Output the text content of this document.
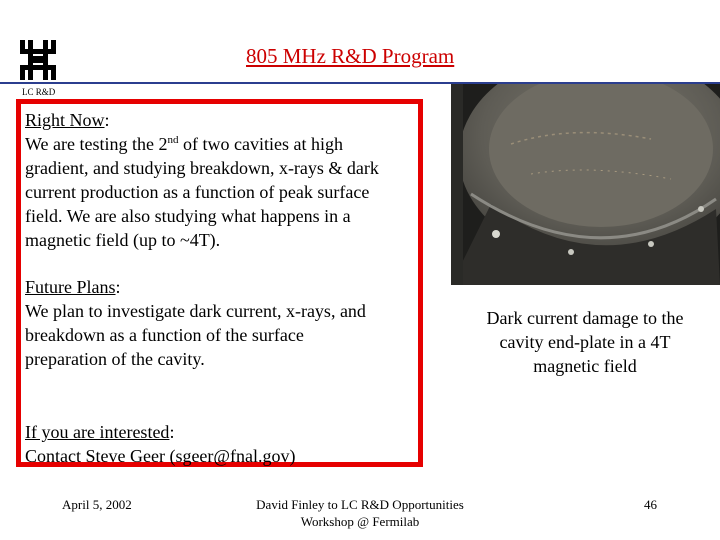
LC R&D
805 MHz R&D Program
Right Now:
We are testing the 2nd of two cavities at high
gradient, and studying breakdown, x-rays & dark
current production as a function of peak surface
field. We are also studying what happens in a
magnetic field (up to ~4T).
Future Plans:
We plan to investigate dark current, x-rays, and
breakdown as a function of the surface
preparation of the cavity.
If you are interested:
Contact Steve Geer (sgeer@fnal.gov)
Dark current damage to the
cavity end-plate in a 4T
magnetic field
April 5, 2002	David Finley to LC R&D Opportunities
Workshop @ Fermilab
46
